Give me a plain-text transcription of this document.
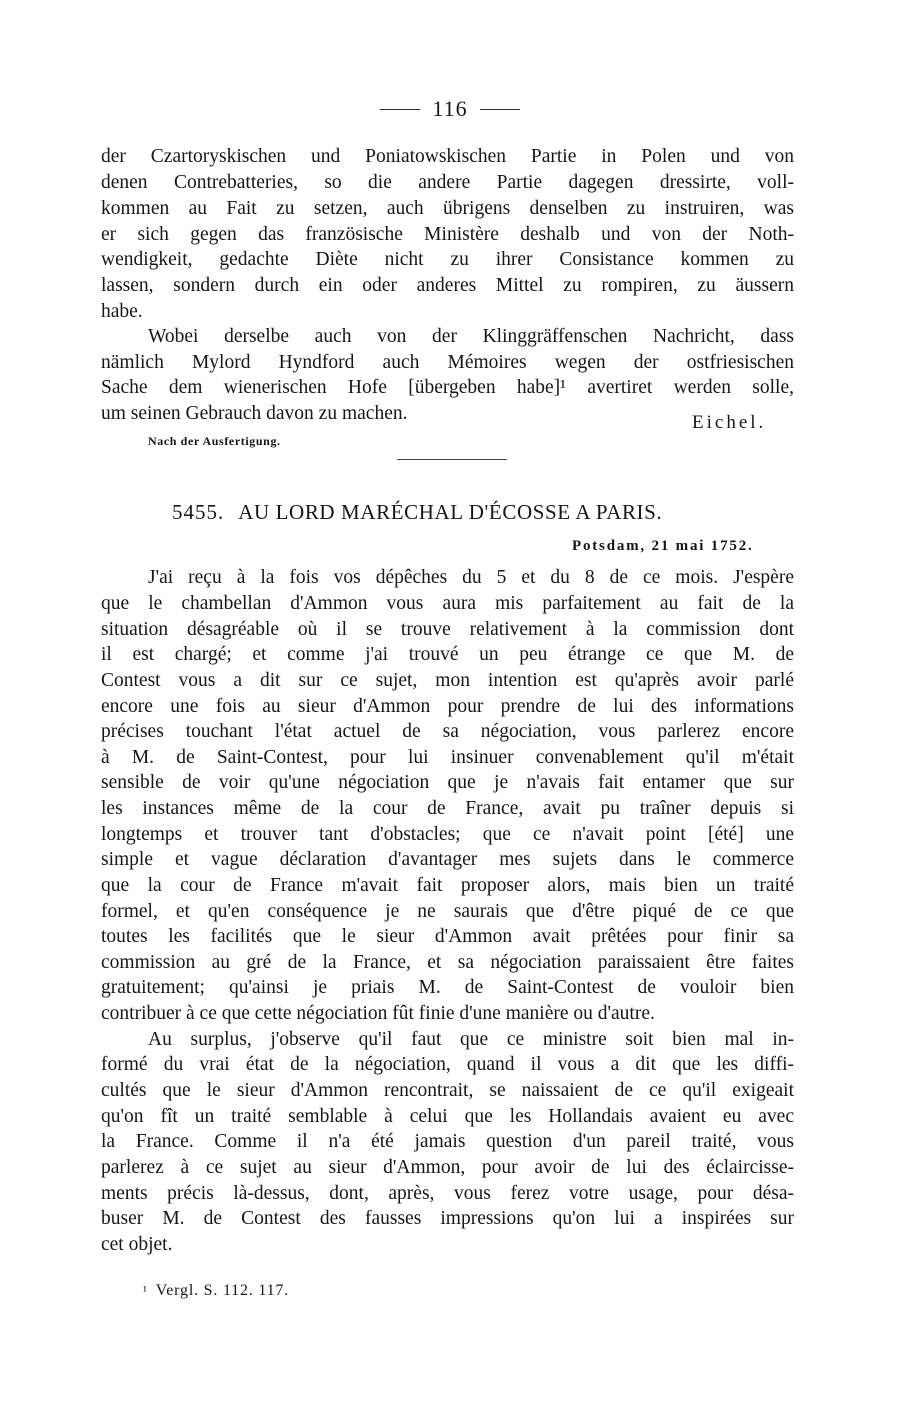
116
der Czartoryskischen und Poniatowskischen Partie in Polen und von
denen Contrebatteries, so die andere Partie dagegen dressirte, voll-
kommen au Fait zu setzen, auch übrigens denselben zu instruiren, was
er sich gegen das französische Ministère deshalb und von der Noth-
wendigkeit, gedachte Diète nicht zu ihrer Consistance kommen zu
lassen, sondern durch ein oder anderes Mittel zu rompiren, zu äussern
habe.
Wobei derselbe auch von der Klinggräffenschen Nachricht, dass
nämlich Mylord Hyndford auch Mémoires wegen der ostfriesischen
Sache dem wienerischen Hofe [übergeben habe]¹ avertiret werden solle,
um seinen Gebrauch davon zu machen.	Eichel.
Nach der Ausfertigung.
5455. AU LORD MARÉCHAL D'ÉCOSSE A PARIS.
Potsdam, 21 mai 1752.
J'ai reçu à la fois vos dépêches du 5 et du 8 de ce mois. J'espère
que le chambellan d'Ammon vous aura mis parfaitement au fait de la
situation désagréable où il se trouve relativement à la commission dont
il est chargé; et comme j'ai trouvé un peu étrange ce que M. de
Contest vous a dit sur ce sujet, mon intention est qu'après avoir parlé
encore une fois au sieur d'Ammon pour prendre de lui des informations
précises touchant l'état actuel de sa négociation, vous parlerez encore
à M. de Saint-Contest, pour lui insinuer convenablement qu'il m'était
sensible de voir qu'une négociation que je n'avais fait entamer que sur
les instances même de la cour de France, avait pu traîner depuis si
longtemps et trouver tant d'obstacles; que ce n'avait point [été] une
simple et vague déclaration d'avantager mes sujets dans le commerce
que la cour de France m'avait fait proposer alors, mais bien un traité
formel, et qu'en conséquence je ne saurais que d'être piqué de ce que
toutes les facilités que le sieur d'Ammon avait prêtées pour finir sa
commission au gré de la France, et sa négociation paraissaient être faites
gratuitement; qu'ainsi je priais M. de Saint-Contest de vouloir bien
contribuer à ce que cette négociation fût finie d'une manière ou d'autre.
Au surplus, j'observe qu'il faut que ce ministre soit bien mal in-
formé du vrai état de la négociation, quand il vous a dit que les diffi-
cultés que le sieur d'Ammon rencontrait, se naissaient de ce qu'il exigeait
qu'on fît un traité semblable à celui que les Hollandais avaient eu avec
la France. Comme il n'a été jamais question d'un pareil traité, vous
parlerez à ce sujet au sieur d'Ammon, pour avoir de lui des éclaircisse-
ments précis là-dessus, dont, après, vous ferez votre usage, pour désa-
buser M. de Contest des fausses impressions qu'on lui a inspirées sur
cet objet.
¹ Vergl. S. 112. 117.
